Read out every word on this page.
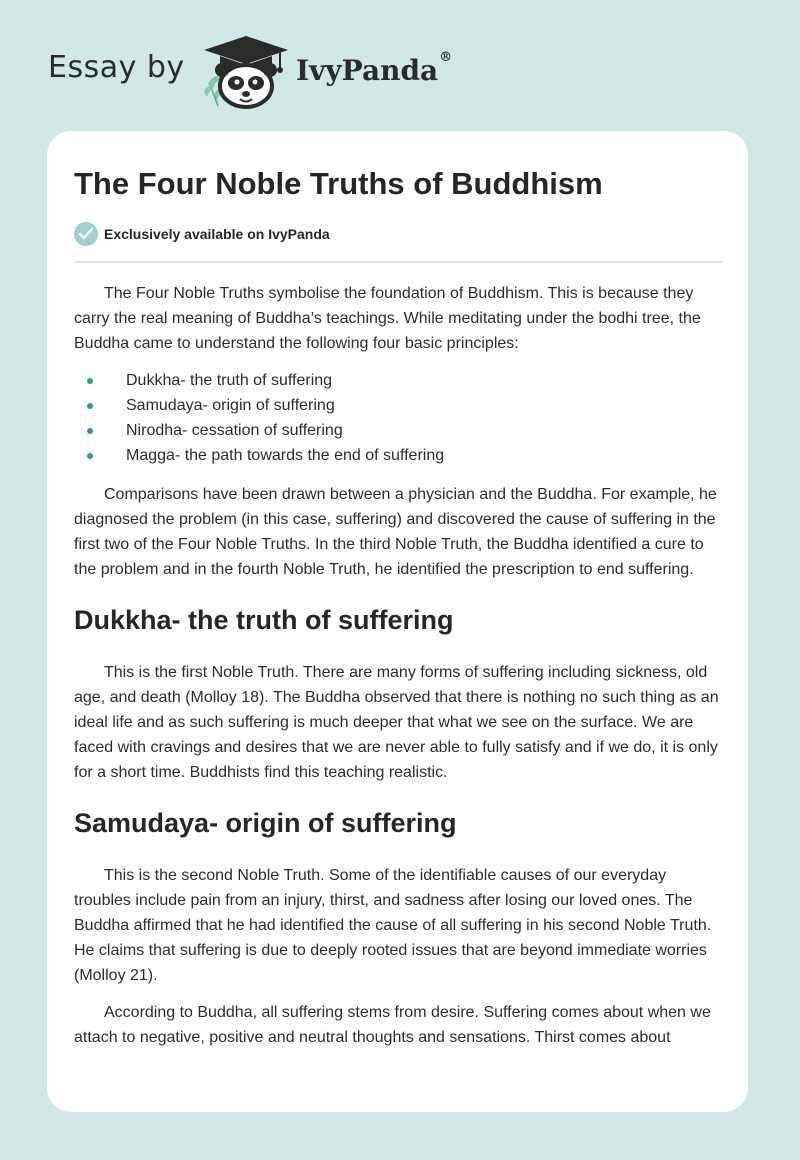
Essay by	IvyPanda®
The Four Noble Truths of Buddhism
Exclusively available on IvyPanda

The Four Noble Truths symbolise the foundation of Buddhism. This is because they carry the real meaning of Buddha’s teachings. While meditating under the bodhi tree, the Buddha came to understand the following four basic principles:

Dukkha- the truth of suffering
Samudaya- origin of suffering
Nirodha- cessation of suffering
Magga- the path towards the end of suffering

Comparisons have been drawn between a physician and the Buddha. For example, he diagnosed the problem (in this case, suffering) and discovered the cause of suffering in the first two of the Four Noble Truths. In the third Noble Truth, the Buddha identified a cure to the problem and in the fourth Noble Truth, he identified the prescription to end suffering.

Dukkha- the truth of suffering

This is the first Noble Truth. There are many forms of suffering including sickness, old age, and death (Molloy 18). The Buddha observed that there is nothing no such thing as an ideal life and as such suffering is much deeper that what we see on the surface. We are faced with cravings and desires that we are never able to fully satisfy and if we do, it is only for a short time. Buddhists find this teaching realistic.

Samudaya- origin of suffering

This is the second Noble Truth. Some of the identifiable causes of our everyday troubles include pain from an injury, thirst, and sadness after losing our loved ones. The Buddha affirmed that he had identified the cause of all suffering in his second Noble Truth. He claims that suffering is due to deeply rooted issues that are beyond immediate worries (Molloy 21).

According to Buddha, all suffering stems from desire. Suffering comes about when we attach to negative, positive and neutral thoughts and sensations. Thirst comes about
